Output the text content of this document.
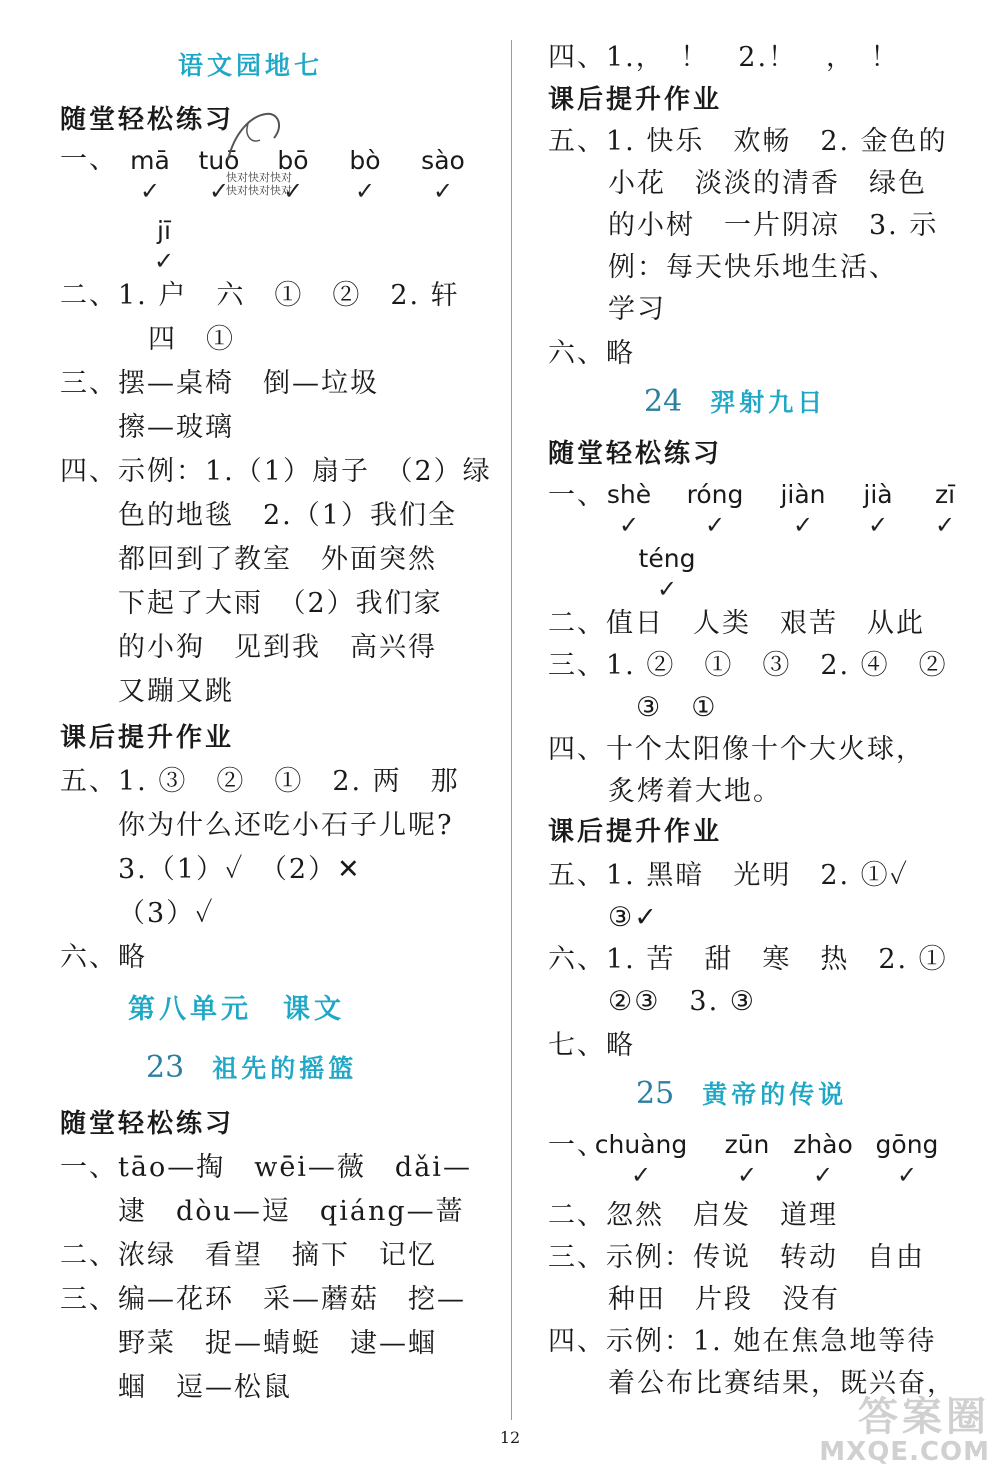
语文园地七
随堂轻松练习
一、 mā
✓
tuō
✓
bō
✓
bò
✓
sào
✓
jī
✓
快对快对快对
快对快对快对
二、1. 户　六　①　②　2. 轩
四　①
三、摆—桌椅　倒—垃圾
擦—玻璃
四、示例：1.（1）扇子　（2）绿
色的地毯　2.（1）我们全
都回到了教室　外面突然
下起了大雨　（2）我们家
的小狗　见到我　高兴得
又蹦又跳
课后提升作业
五、1. ③　②　①　2. 两　那
你为什么还吃小石子儿呢?
3.（1）✓　（2）✕
（3）✓
六、略
第八单元　课文
23 祖先的摇篮
随堂轻松练习
一、tāo—掏　wēi—薇　dǎi—
逮　dòu—逗　qiáng—蔷
二、浓绿　看望　摘下　记忆
三、编—花环　采—蘑菇　挖—
野菜　捉—蜻蜓　逮—蝈
蝈　逗—松鼠
四、1.，　！　2.！　，　！
课后提升作业
五、1. 快乐　欢畅　2. 金色的
小花　淡淡的清香　绿色
的小树　一片阴凉　3. 示
例：每天快乐地生活、
学习
六、略
24 羿射九日
随堂轻松练习
一、 shè
✓
róng
✓
jiàn
✓
jià
✓
zī
✓
téng
✓
二、值日　人类　艰苦　从此
三、1. ②　①　③　2. ④　②
③　①
四、十个太阳像十个大火球，
炙烤着大地。
课后提升作业
五、1. 黑暗　光明　2. ①✓
③✓
六、1. 苦　甜　寒　热　2. ①
②③　3. ③
七、略
25 黄帝的传说
一、
chuàng
✓
zūn
✓
zhào
✓
gōng
✓
二、忽然　启发　道理
三、示例：传说　转动　自由
种田　片段　没有
四、示例：1. 她在焦急地等待
着公布比赛结果，既兴奋，
12	答案圈
MXQE.COM
